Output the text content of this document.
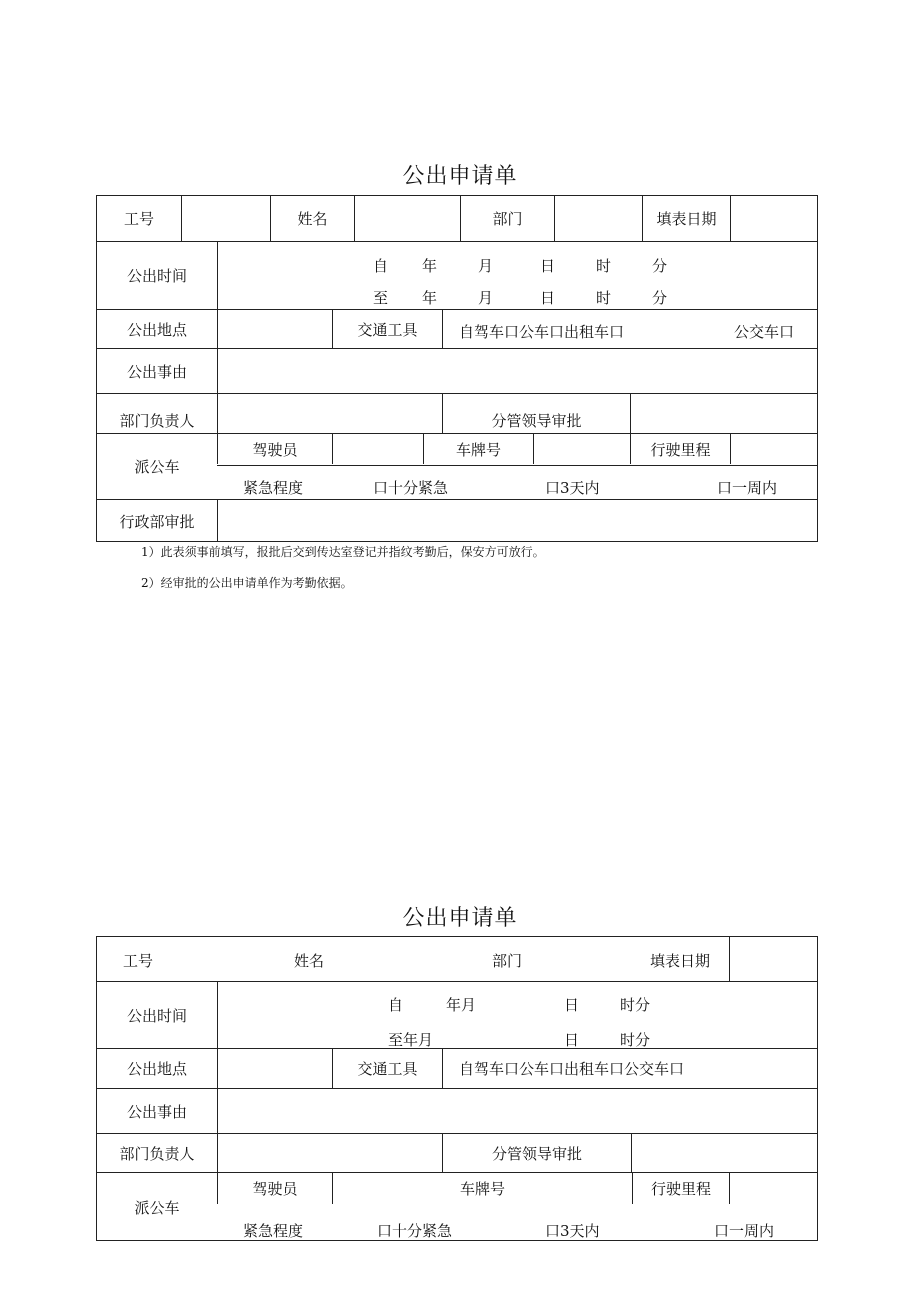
公出申请单
工号	姓名	部门	填表日期
公出时间
自 年	月	日	时	分
至 年	月	日	时	分
公出地点	交通工具	自驾车口公车口出租车口	公交车口
公出事由
部门负责人	分管领导审批
派公车
驾驶员	车牌号	行驶里程
紧急程度	口十分紧急	口3天内	口一周内
行政部审批
1）此表须事前填写，报批后交到传达室登记并指纹考勤后，保安方可放行。
2）经审批的公出申请单作为考勤依据。
公出申请单
工号	姓名	部门	填表日期
公出时间
自	年月	日	时分
至年月	日	时分
公出地点	交通工具	自驾车口公车口出租车口公交车口
公出事由
部门负责人	分管领导审批
派公车
驾驶员	车牌号	行驶里程
紧急程度	口十分紧急	口3天内	口一周内
